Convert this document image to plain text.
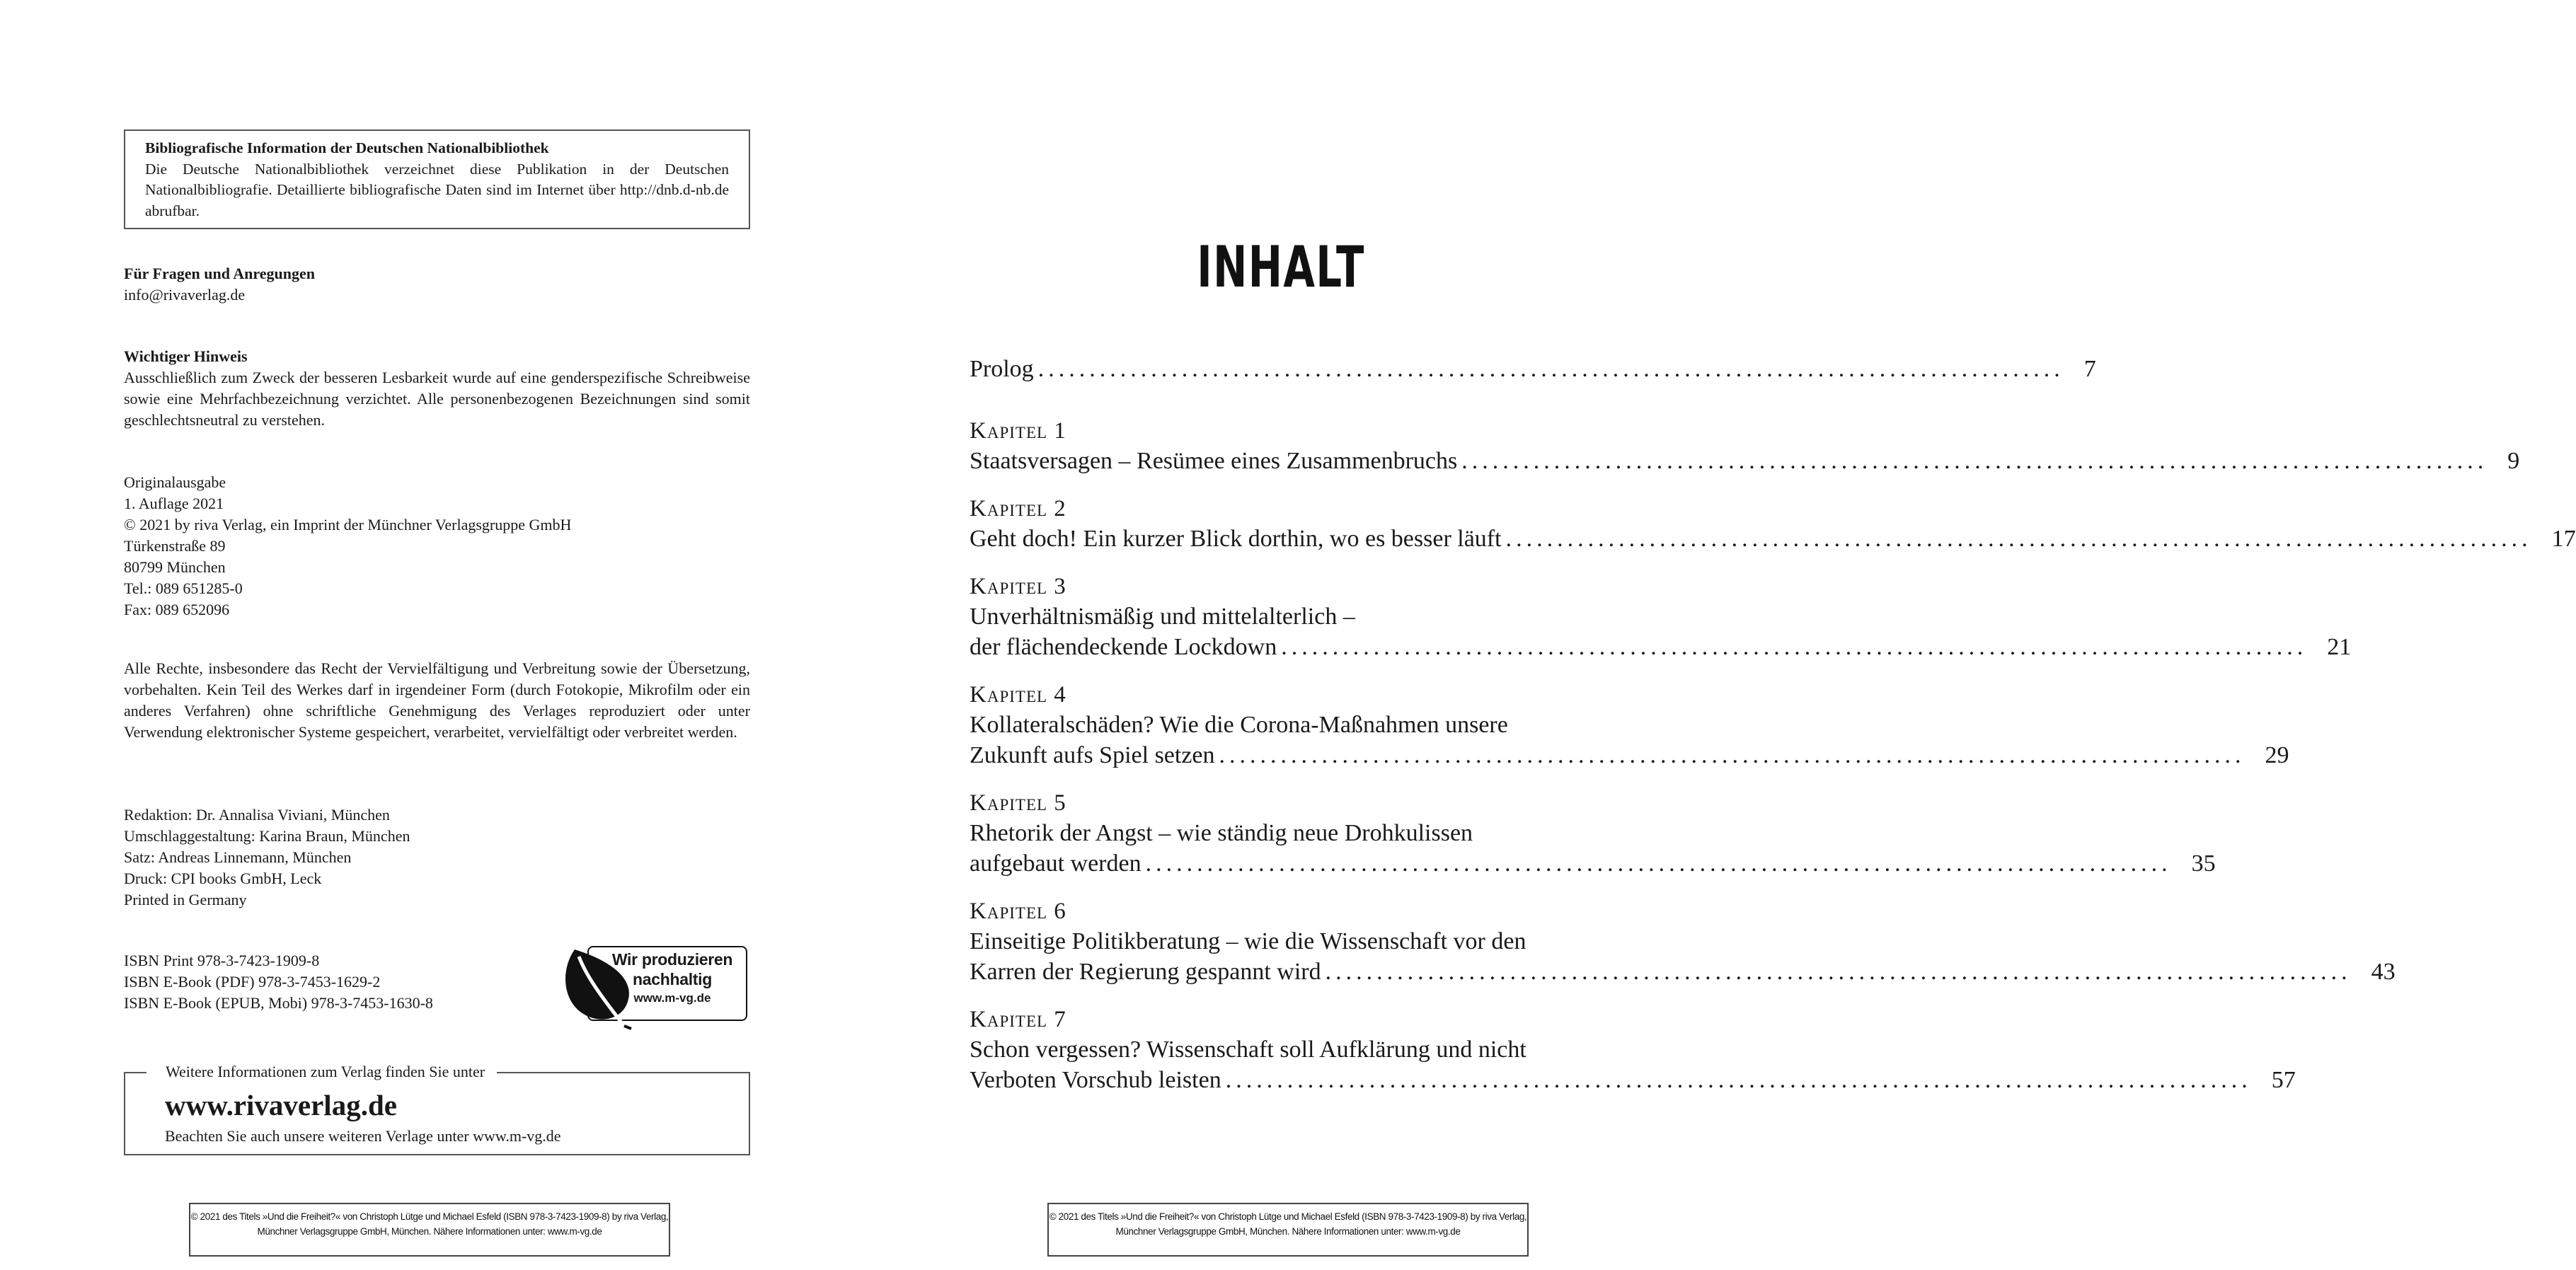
Bibliografische Information der Deutschen Nationalbibliothek

Die Deutsche Nationalbibliothek verzeichnet diese Publikation in der Deutschen Nationalbibliografie. Detaillierte bibliografische Daten sind im Internet über http://dnb.d-nb.de abrufbar.

Für Fragen und Anregungen

info@rivaverlag.de

Wichtiger Hinweis

Ausschließlich zum Zweck der besseren Lesbarkeit wurde auf eine genderspezifische Schreibweise sowie eine Mehrfachbezeichnung verzichtet. Alle personenbezogenen Bezeichnungen sind somit geschlechtsneutral zu verstehen.

Originalausgabe

1. Auflage 2021

© 2021 by riva Verlag, ein Imprint der Münchner Verlagsgruppe GmbH

Türkenstraße 89

80799 München

Tel.: 089 651285-0

Fax: 089 652096

Alle Rechte, insbesondere das Recht der Vervielfältigung und Verbreitung sowie der Übersetzung, vorbehalten. Kein Teil des Werkes darf in irgendeiner Form (durch Fotokopie, Mikrofilm oder ein anderes Verfahren) ohne schriftliche Genehmigung des Verlages reproduziert oder unter Verwendung elektronischer Systeme gespeichert, verarbeitet, vervielfältigt oder verbreitet werden.

Redaktion: Dr. Annalisa Viviani, München

Umschlaggestaltung: Karina Braun, München

Satz: Andreas Linnemann, München

Druck: CPI books GmbH, Leck

Printed in Germany

ISBN Print 978-3-7423-1909-8

ISBN E-Book (PDF) 978-3-7453-1629-2

ISBN E-Book (EPUB, Mobi) 978-3-7453-1630-8

Wir produzieren
nachhaltig
www.m-vg.de
Weitere Informationen zum Verlag finden Sie unter
www.rivaverlag.de
Beachten Sie auch unsere weiteren Verlage unter www.m-vg.de
© 2021 des Titels »Und die Freiheit?« von Christoph Lütge und Michael Esfeld (ISBN 978-3-7423-1909-8) by riva Verlag,
Münchner Verlagsgruppe GmbH, München. Nähere Informationen unter: www.m-vg.de
INHALT
Prolog .................................................................................................... 7
Kapitel 1
Staatsversagen – Resümee eines Zusammenbruchs .................................................................................................... 9
Kapitel 2
Geht doch! Ein kurzer Blick dorthin, wo es besser läuft .................................................................................................... 17
Kapitel 3
Unverhältnismäßig und mittelalterlich –
der flächendeckende Lockdown .................................................................................................... 21
Kapitel 4
Kollateralschäden? Wie die Corona-Maßnahmen unsere
Zukunft aufs Spiel setzen .................................................................................................... 29
Kapitel 5
Rhetorik der Angst – wie ständig neue Drohkulissen
aufgebaut werden .................................................................................................... 35
Kapitel 6
Einseitige Politikberatung – wie die Wissenschaft vor den
Karren der Regierung gespannt wird .................................................................................................... 43
Kapitel 7
Schon vergessen? Wissenschaft soll Aufklärung und nicht
Verboten Vorschub leisten .................................................................................................... 57
© 2021 des Titels »Und die Freiheit?« von Christoph Lütge und Michael Esfeld (ISBN 978-3-7423-1909-8) by riva Verlag,
Münchner Verlagsgruppe GmbH, München. Nähere Informationen unter: www.m-vg.de
